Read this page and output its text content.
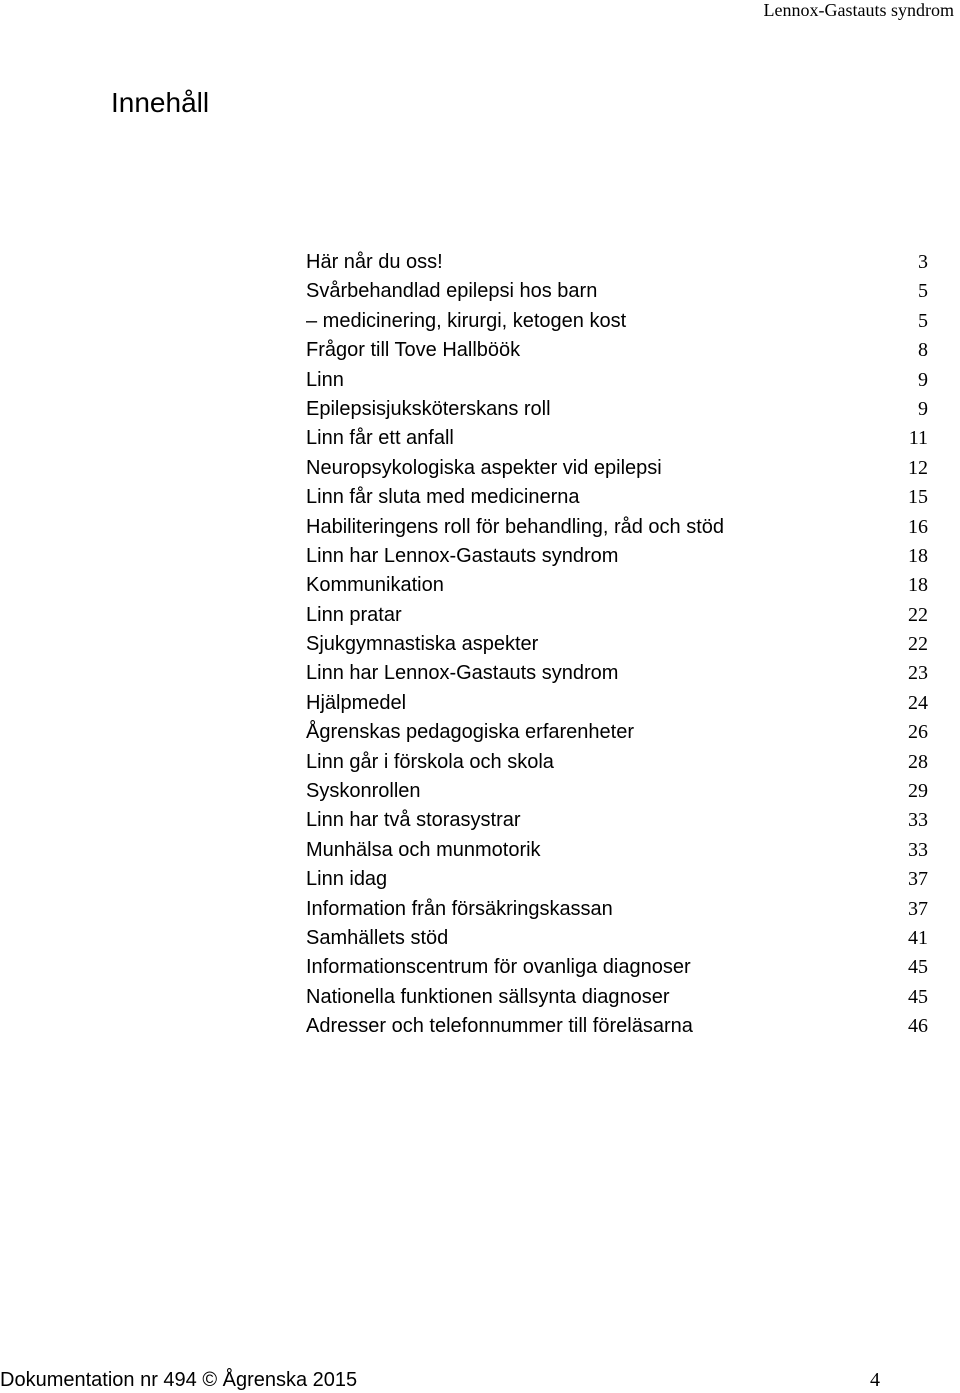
Lennox-Gastauts syndrom
Innehåll
Här når du oss!	3
Svårbehandlad epilepsi hos barn	5
– medicinering, kirurgi, ketogen kost	5
Frågor till Tove Hallböök	8
Linn	9
Epilepsisjuksköterskans roll	9
Linn får ett anfall	11
Neuropsykologiska aspekter vid epilepsi	12
Linn får sluta med medicinerna	15
Habiliteringens roll för behandling, råd och stöd	16
Linn har Lennox-Gastauts syndrom	18
Kommunikation	18
Linn pratar	22
Sjukgymnastiska aspekter	22
Linn har Lennox-Gastauts syndrom	23
Hjälpmedel	24
Ågrenskas pedagogiska erfarenheter	26
Linn går i förskola och skola	28
Syskonrollen	29
Linn har två storasystrar	33
Munhälsa och munmotorik	33
Linn idag	37
Information från försäkringskassan	37
Samhällets stöd	41
Informationscentrum för ovanliga diagnoser	45
Nationella funktionen sällsynta diagnoser	45
Adresser och telefonnummer till föreläsarna	46
Dokumentation nr 494 © Ågrenska 2015	4
